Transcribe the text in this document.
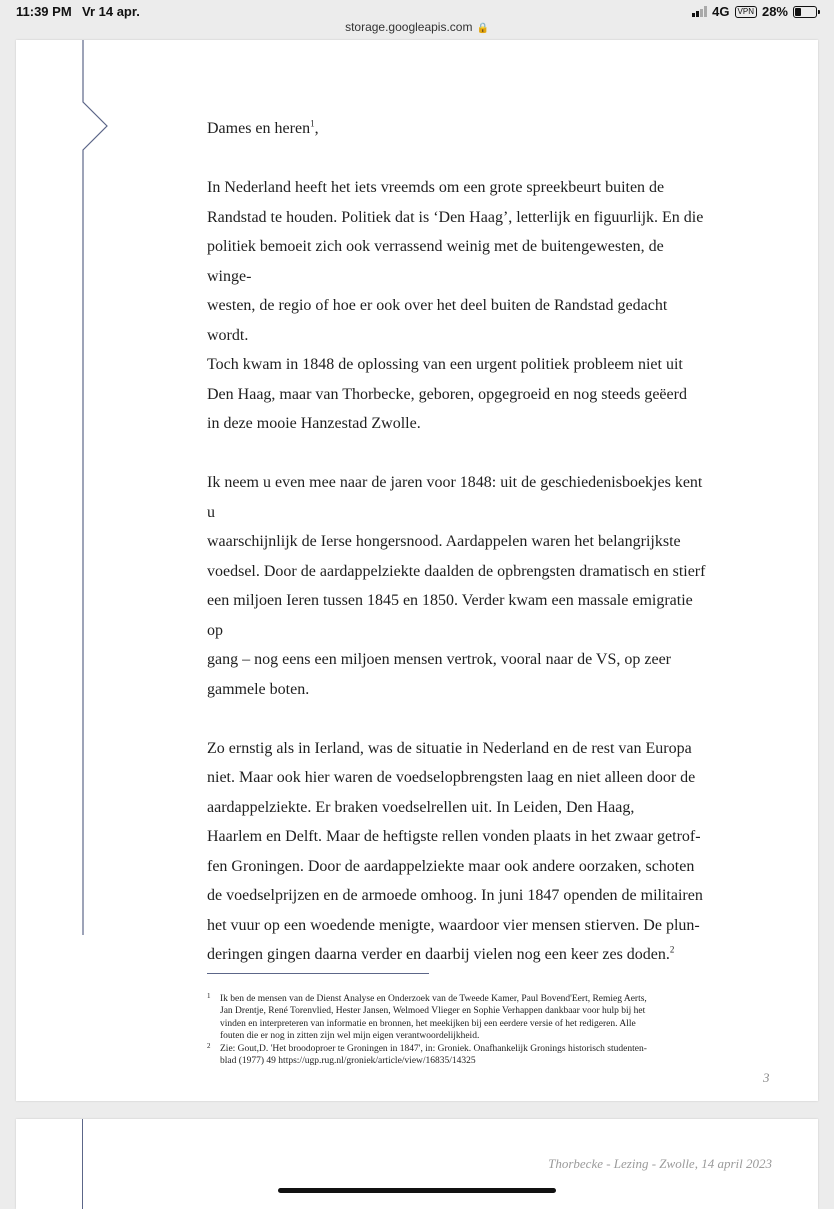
11:39 PM Vr 14 apr.	4G	VPN 28%
storage.googleapis.com 🔒

Dames en heren$^1$,

In Nederland heeft het iets vreemds om een grote spreekbeurt buiten de
Randstad te houden. Politiek dat is ‘Den Haag’, letterlijk en figuurlijk. En die
politiek bemoeit zich ook verrassend weinig met de buitengewesten, de winge-
westen, de regio of hoe er ook over het deel buiten de Randstad gedacht wordt.
Toch kwam in 1848 de oplossing van een urgent politiek probleem niet uit
Den Haag, maar van Thorbecke, geboren, opgegroeid en nog steeds geëerd
in deze mooie Hanzestad Zwolle.

Ik neem u even mee naar de jaren voor 1848: uit de geschiedenisboekjes kent u
waarschijnlijk de Ierse hongersnood. Aardappelen waren het belangrijkste
voedsel. Door de aardappelziekte daalden de opbrengsten dramatisch en stierf
een miljoen Ieren tussen 1845 en 1850. Verder kwam een massale emigratie op
gang – nog eens een miljoen mensen vertrok, vooral naar de VS, op zeer
gammele boten.

Zo ernstig als in Ierland, was de situatie in Nederland en de rest van Europa
niet. Maar ook hier waren de voedselopbrengsten laag en niet alleen door de
aardappelziekte. Er braken voedselrellen uit. In Leiden, Den Haag,
Haarlem en Delft. Maar de heftigste rellen vonden plaats in het zwaar getrof-
fen Groningen. Door de aardappelziekte maar ook andere oorzaken, schoten
de voedselprijzen en de armoede omhoog. In juni 1847 openden de militairen
het vuur op een woedende menigte, waardoor vier mensen stierven. De plun-
deringen gingen daarna verder en daarbij vielen nog een keer zes doden.$^2$

1 Ik ben de mensen van de Dienst Analyse en Onderzoek van de Tweede Kamer, Paul Bovend'Eert, Remieg Aerts,
Jan Drentje, René Torenvlied, Hester Jansen, Welmoed Vlieger en Sophie Verhappen dankbaar voor hulp bij het
vinden en interpreteren van informatie en bronnen, het meekijken bij een eerdere versie of het redigeren. Alle
fouten die er nog in zitten zijn wel mijn eigen verantwoordelijkheid.

2 Zie: Gout,D. 'Het broodoproer te Groningen in 1847', in: Groniek. Onafhankelijk Gronings historisch studenten-
blad (1977) 49 https://ugp.rug.nl/groniek/article/view/16835/14325

3
Thorbecke - Lezing - Zwolle, 14 april 2023
